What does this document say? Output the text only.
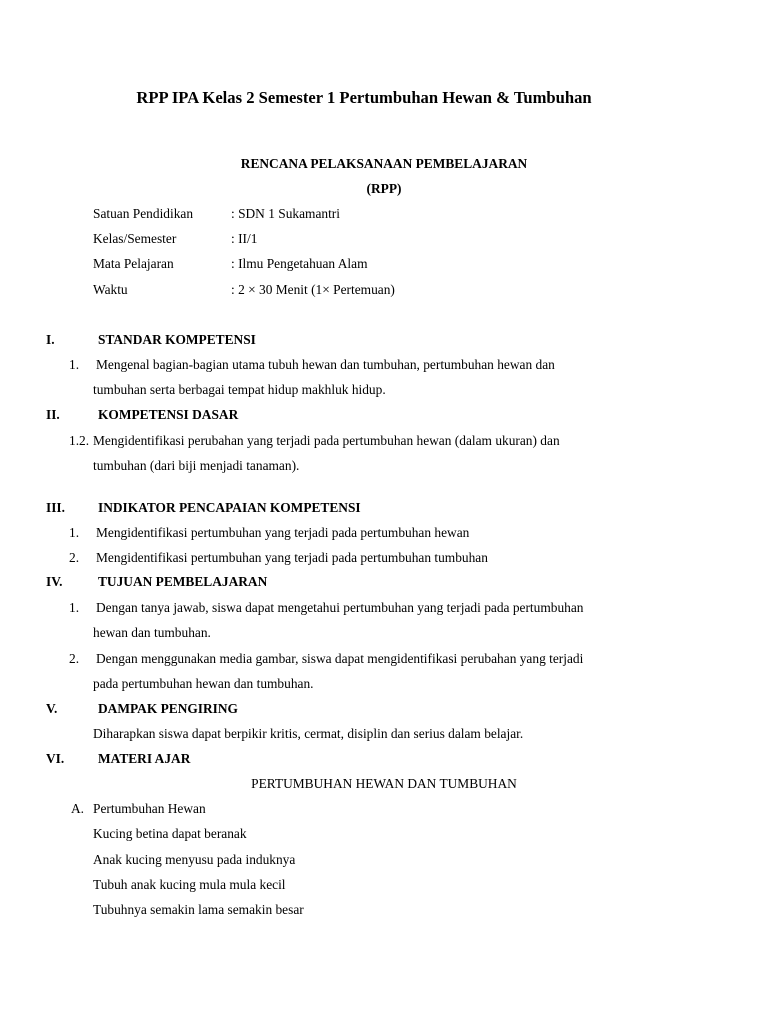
RPP IPA Kelas 2 Semester 1 Pertumbuhan Hewan & Tumbuhan
RENCANA PELAKSANAAN PEMBELAJARAN
(RPP)
Satuan Pendidikan	: SDN 1 Sukamantri
Kelas/Semester	: II/1
Mata Pelajaran	: Ilmu Pengetahuan Alam
Waktu	: 2 × 30 Menit (1× Pertemuan)
I.	STANDAR KOMPETENSI
1. Mengenal bagian-bagian utama tubuh hewan dan tumbuhan, pertumbuhan hewan dan
tumbuhan serta berbagai tempat hidup makhluk hidup.
II.	KOMPETENSI DASAR
1.2. Mengidentifikasi perubahan yang terjadi pada pertumbuhan hewan (dalam ukuran) dan
tumbuhan (dari biji menjadi tanaman).
III. INDIKATOR PENCAPAIAN KOMPETENSI
1. Mengidentifikasi pertumbuhan yang terjadi pada pertumbuhan hewan
2. Mengidentifikasi pertumbuhan yang terjadi pada pertumbuhan tumbuhan
IV.	TUJUAN PEMBELAJARAN
1. Dengan tanya jawab, siswa dapat mengetahui pertumbuhan yang terjadi pada pertumbuhan
hewan dan tumbuhan.
2. Dengan menggunakan media gambar, siswa dapat mengidentifikasi perubahan yang terjadi
pada pertumbuhan hewan dan tumbuhan.
V.	DAMPAK PENGIRING
Diharapkan siswa dapat berpikir kritis, cermat, disiplin dan serius dalam belajar.
VI.	MATERI AJAR
PERTUMBUHAN HEWAN DAN TUMBUHAN
A. Pertumbuhan Hewan
Kucing betina dapat beranak
Anak kucing menyusu pada induknya
Tubuh anak kucing mula mula kecil
Tubuhnya semakin lama semakin besar
